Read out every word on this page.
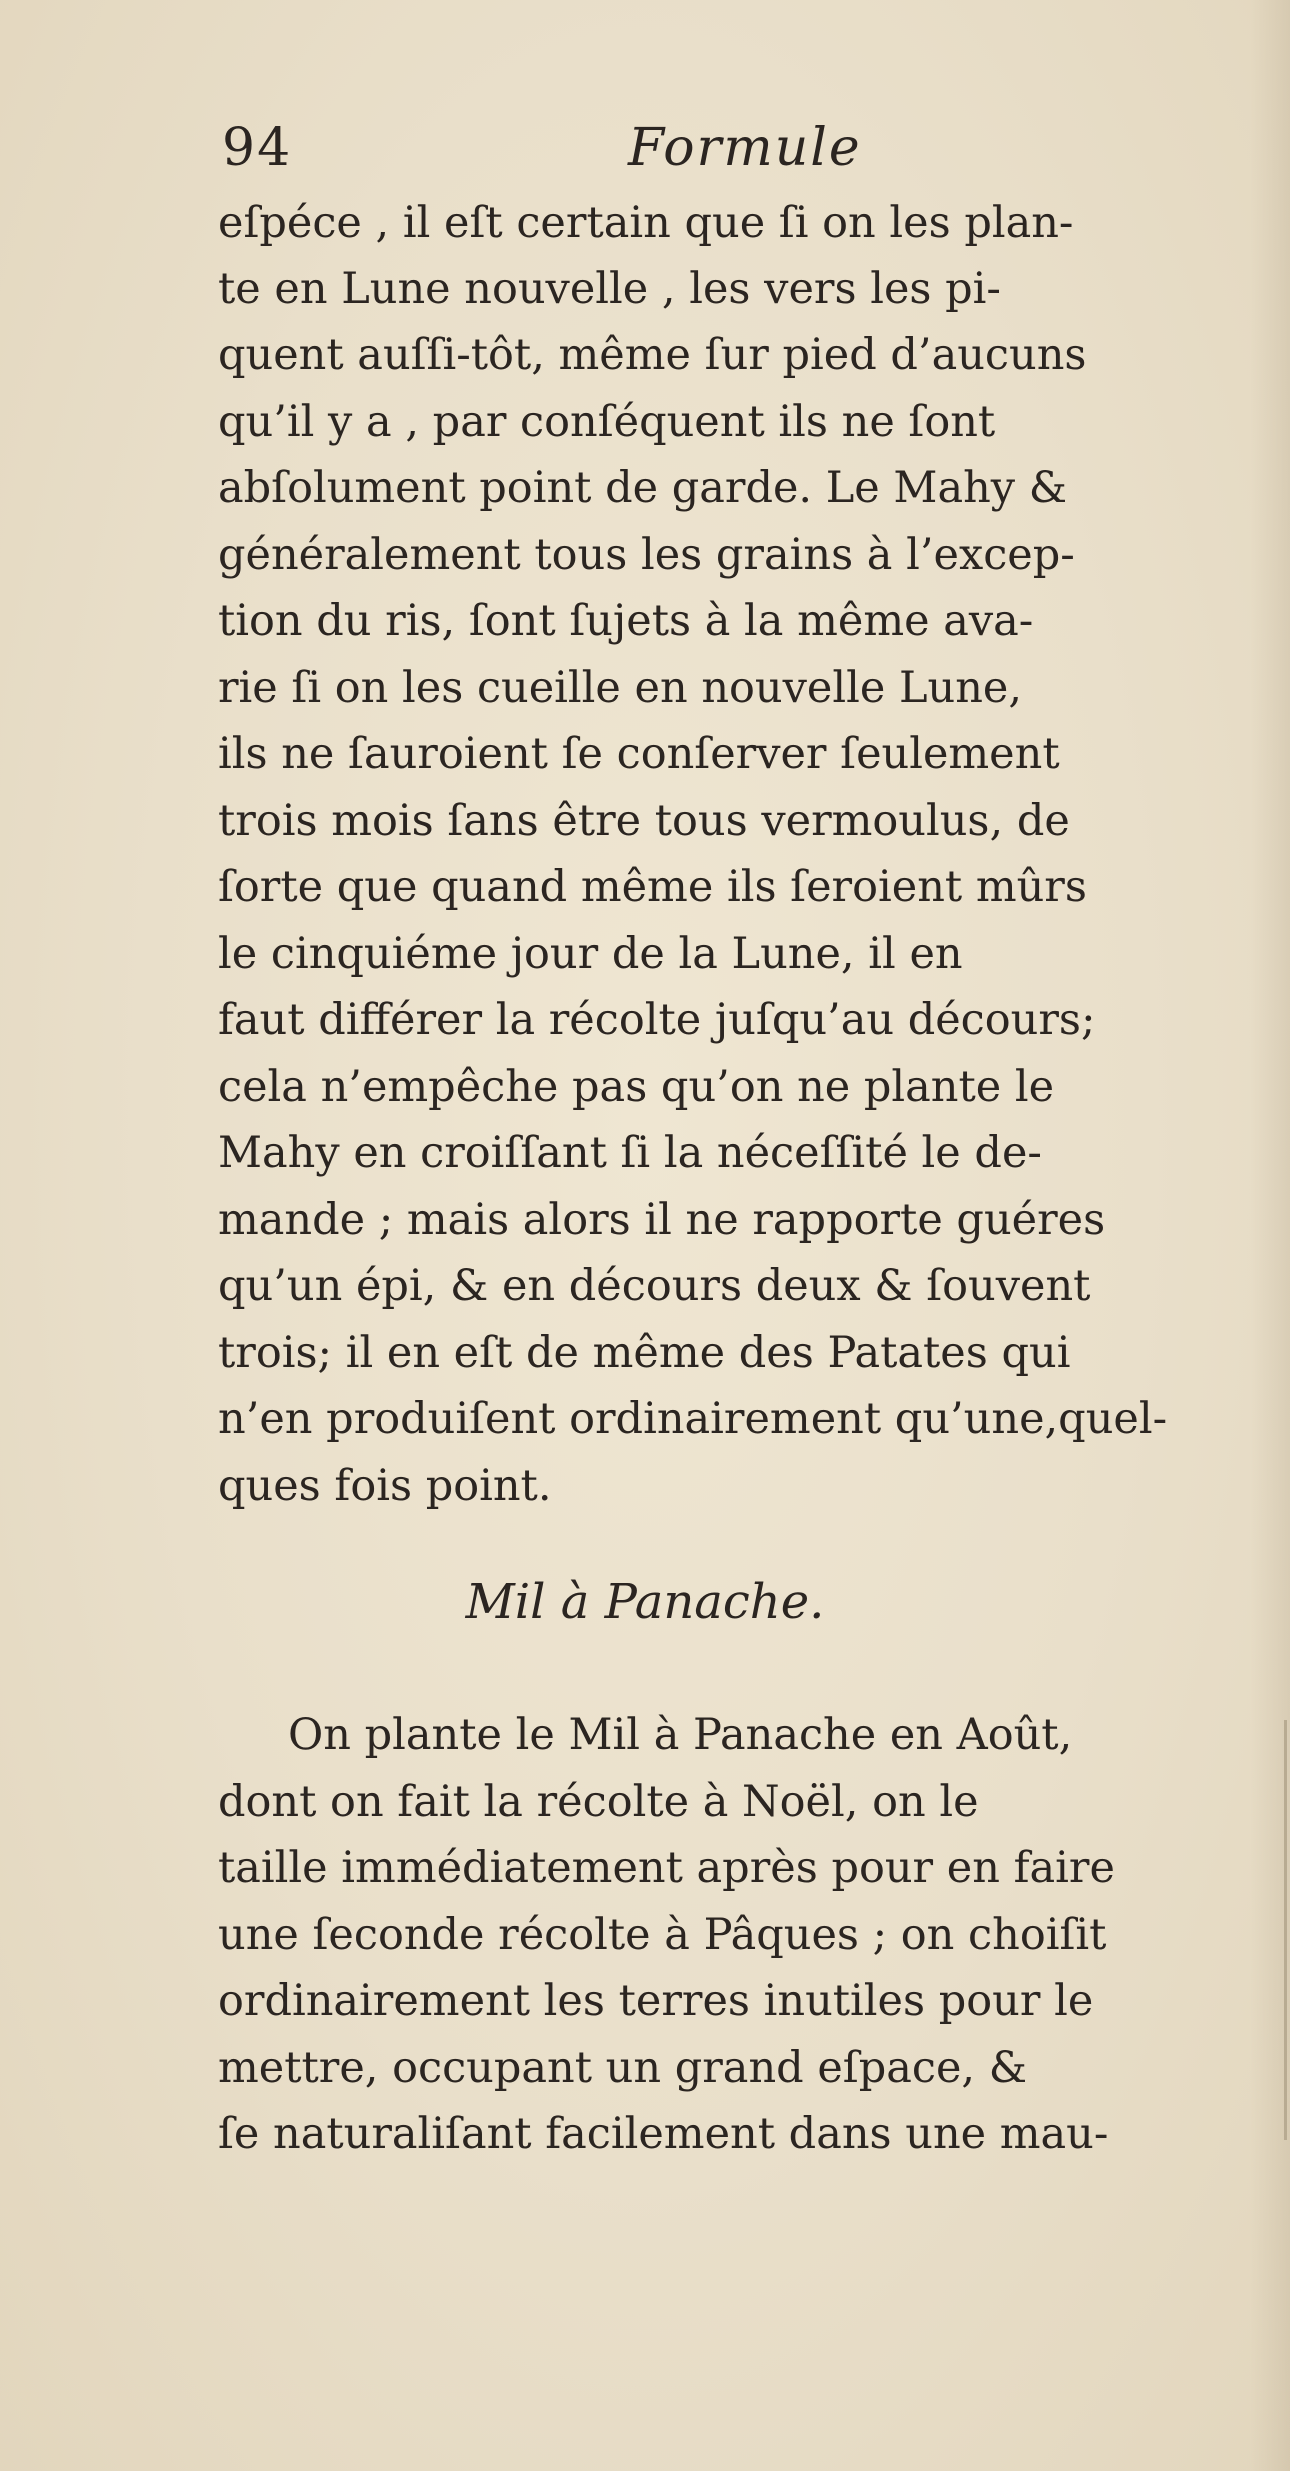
94	Formule
eſpéce , il eſt certain que ſi on les plan-
te en Lune nouvelle , les vers les pi-
quent auſſi-tôt, même ſur pied d’aucuns
qu’il y a , par conſéquent ils ne ſont
abſolument point de garde. Le Mahy &
généralement tous les grains à l’excep-
tion du ris, ſont ſujets à la même ava-
rie ſi on les cueille en nouvelle Lune,
ils ne ſauroient ſe conſerver ſeulement
trois mois ſans être tous vermoulus, de
ſorte que quand même ils ſeroient mûrs
le cinquiéme jour de la Lune, il en
faut différer la récolte juſqu’au décours;
cela n’empêche pas qu’on ne plante le
Mahy en croiſſant ſi la néceſſité le de-
mande ; mais alors il ne rapporte guéres
qu’un épi, & en décours deux & ſouvent
trois; il en eſt de même des Patates qui
n’en produiſent ordinairement qu’une,quel-
ques fois point.
Mil à Panache.
On plante le Mil à Panache en Août,
dont on fait la récolte à Noël, on le
taille immédiatement après pour en faire
une ſeconde récolte à Pâques ; on choiſit
ordinairement les terres inutiles pour le
mettre, occupant un grand eſpace, &
ſe naturaliſant facilement dans une mau-
